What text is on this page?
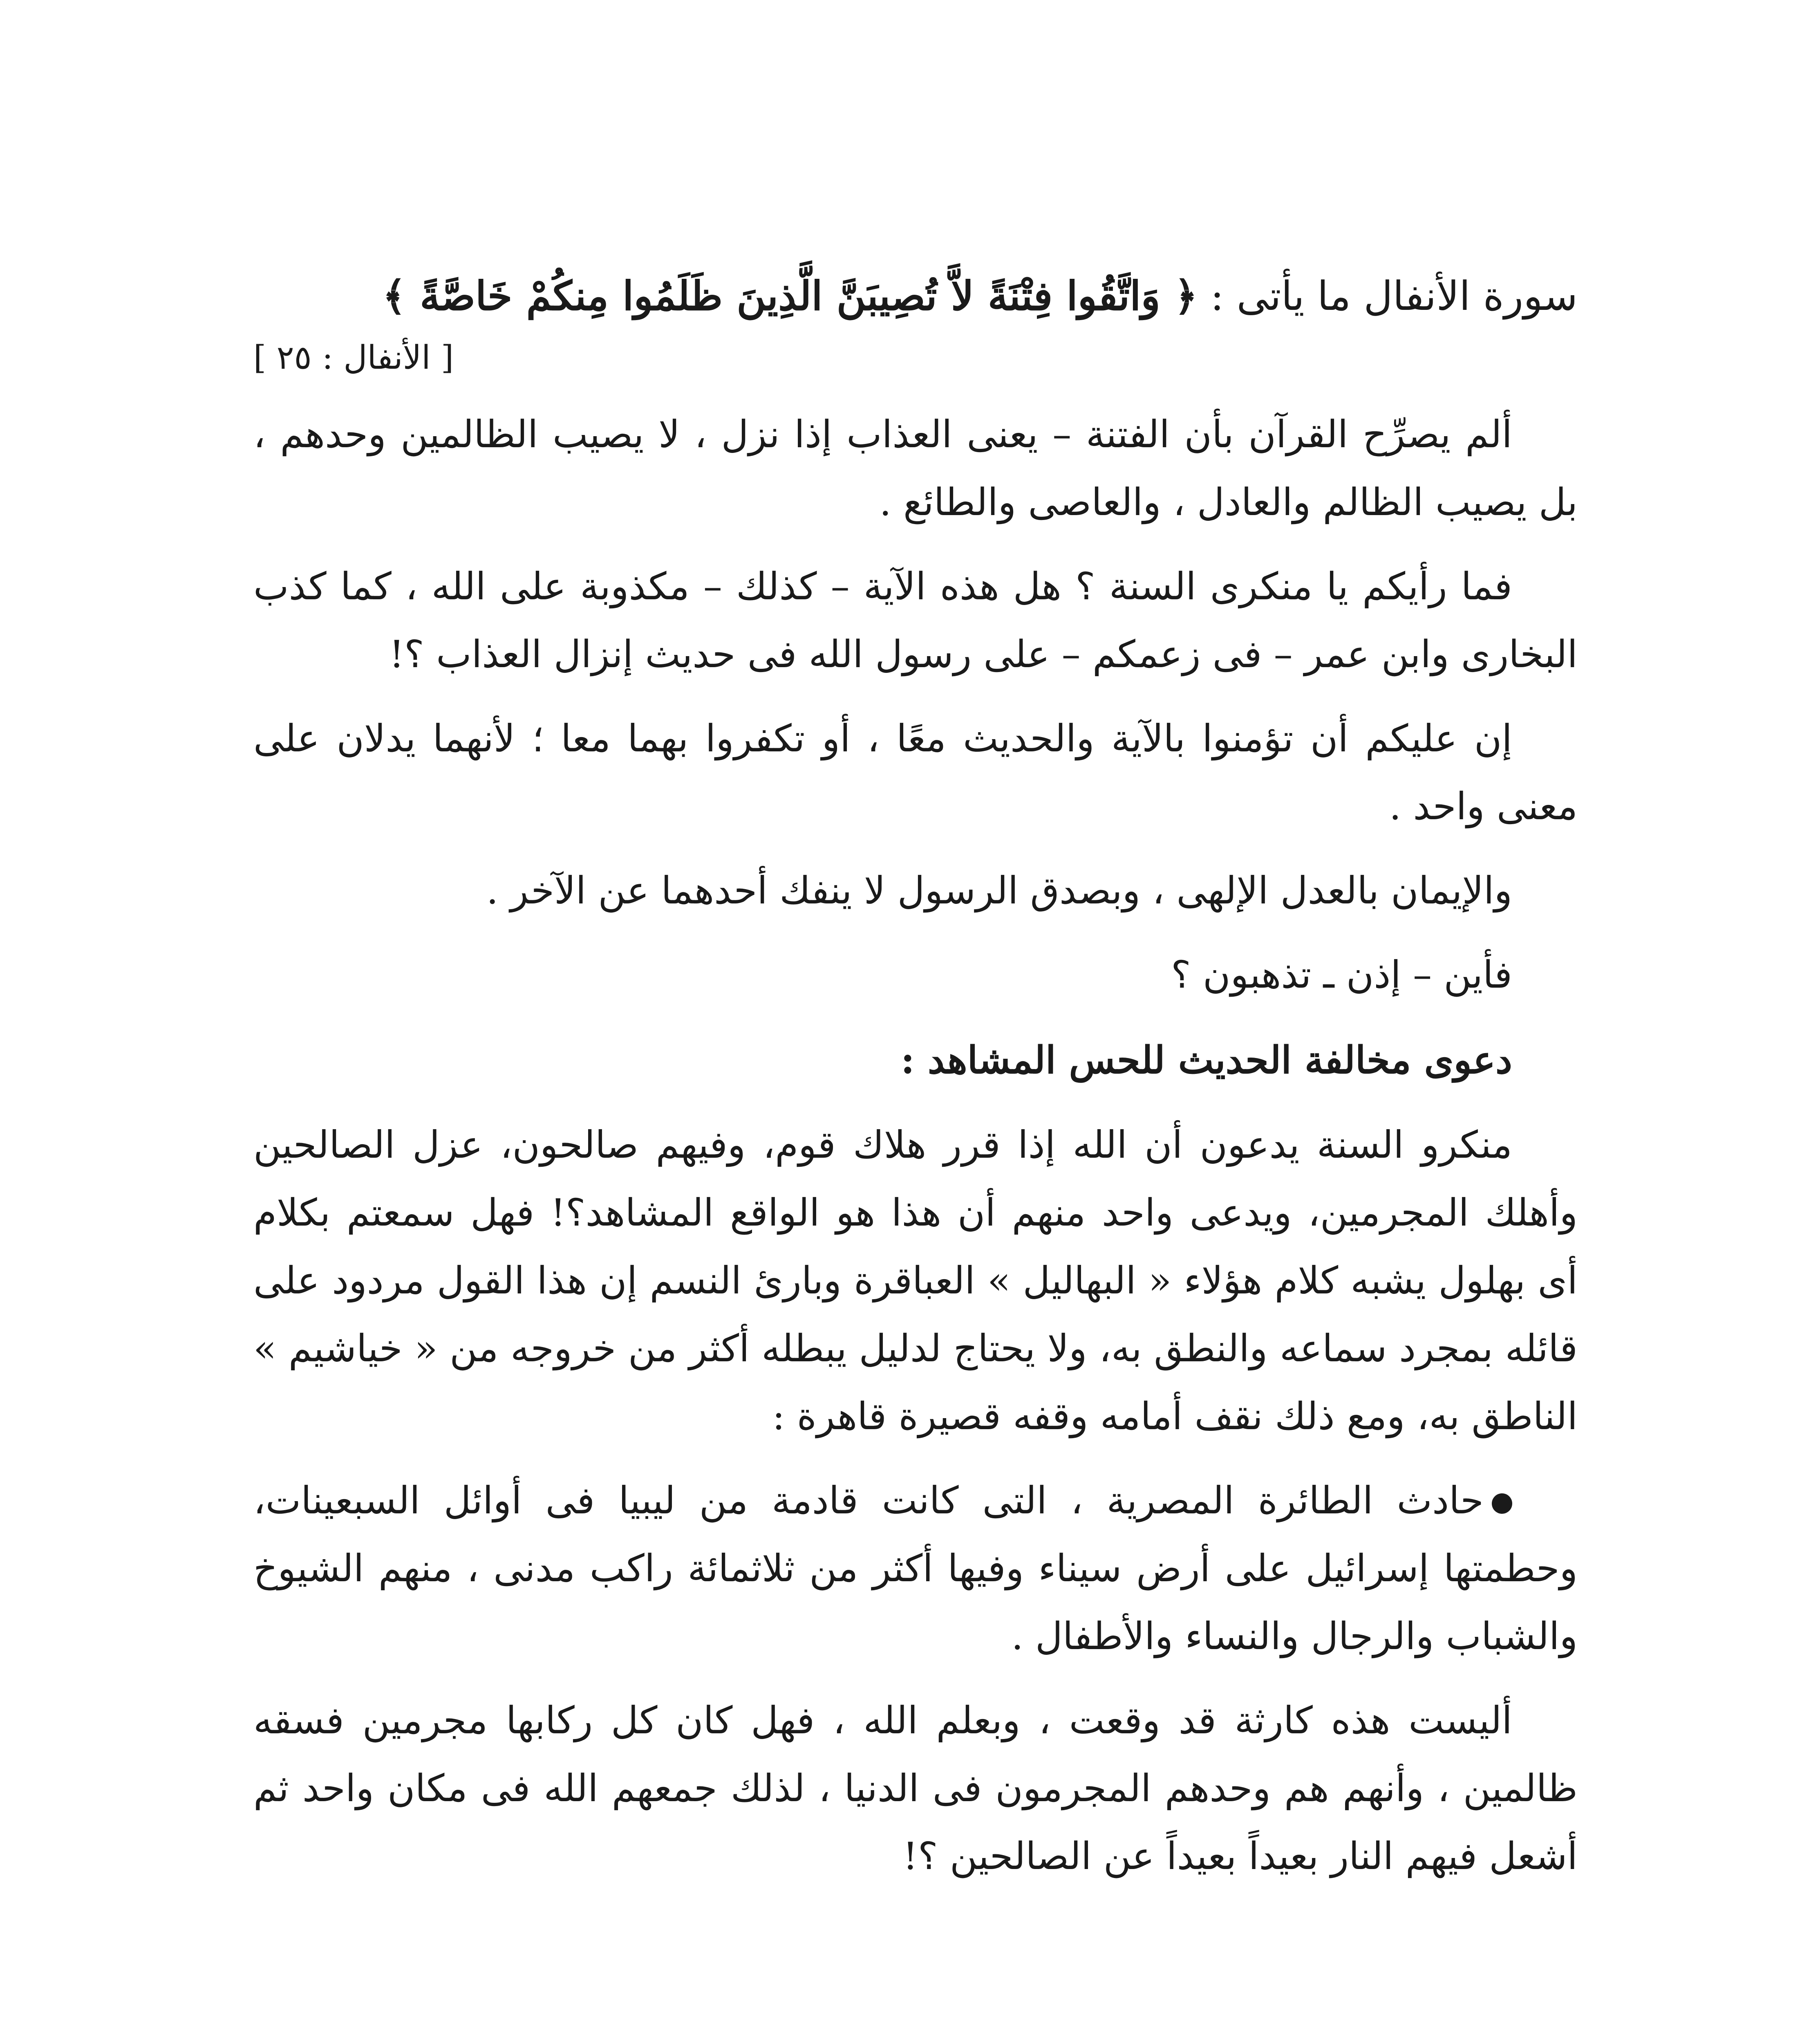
سورة الأنفال ما يأتى : ﴿ وَاتَّقُوا فِتْنَةً لاَّ تُصِيبَنَّ الَّذِينَ ظَلَمُوا مِنكُمْ خَاصَّةً ﴾

[ الأنفال : ٢٥ ]

ألم يصرِّح القرآن بأن الفتنة – يعنى العذاب إذا نزل ، لا يصيب الظالمين وحدهم ، بل يصيب الظالم والعادل ، والعاصى والطائع .

فما رأيكم يا منكرى السنة ؟ هل هذه الآية – كذلك – مكذوبة على الله ، كما كذب البخارى وابن عمر – فى زعمكم – على رسول الله فى حديث إنزال العذاب ؟!

إن عليكم أن تؤمنوا بالآية والحديث معًا ، أو تكفروا بهما معا ؛ لأنهما يدلان على معنى واحد .

والإيمان بالعدل الإلهى ، وبصدق الرسول لا ينفك أحدهما عن الآخر .

فأين – إذن ـ تذهبون ؟

دعوى مخالفة الحديث للحس المشاهد :

منكرو السنة يدعون أن الله إذا قرر هلاك قوم، وفيهم صالحون، عزل الصالحين وأهلك المجرمين، ويدعى واحد منهم أن هذا هو الواقع المشاهد؟! فهل سمعتم بكلام أى بهلول يشبه كلام هؤلاء « البهاليل » العباقرة وبارئ النسم إن هذا القول مردود على قائله بمجرد سماعه والنطق به، ولا يحتاج لدليل يبطله أكثر من خروجه من « خياشيم » الناطق به، ومع ذلك نقف أمامه وقفه قصيرة قاهرة :

حادث الطائرة المصرية ، التى كانت قادمة من ليبيا فى أوائل السبعينات، وحطمتها إسرائيل على أرض سيناء وفيها أكثر من ثلاثمائة راكب مدنى ، منهم الشيوخ والشباب والرجال والنساء والأطفال .

أليست هذه كارثة قد وقعت ، وبعلم الله ، فهل كان كل ركابها مجرمين فسقه ظالمين ، وأنهم هم وحدهم المجرمون فى الدنيا ، لذلك جمعهم الله فى مكان واحد ثم أشعل فيهم النار بعيداً بعيداً عن الصالحين ؟!
